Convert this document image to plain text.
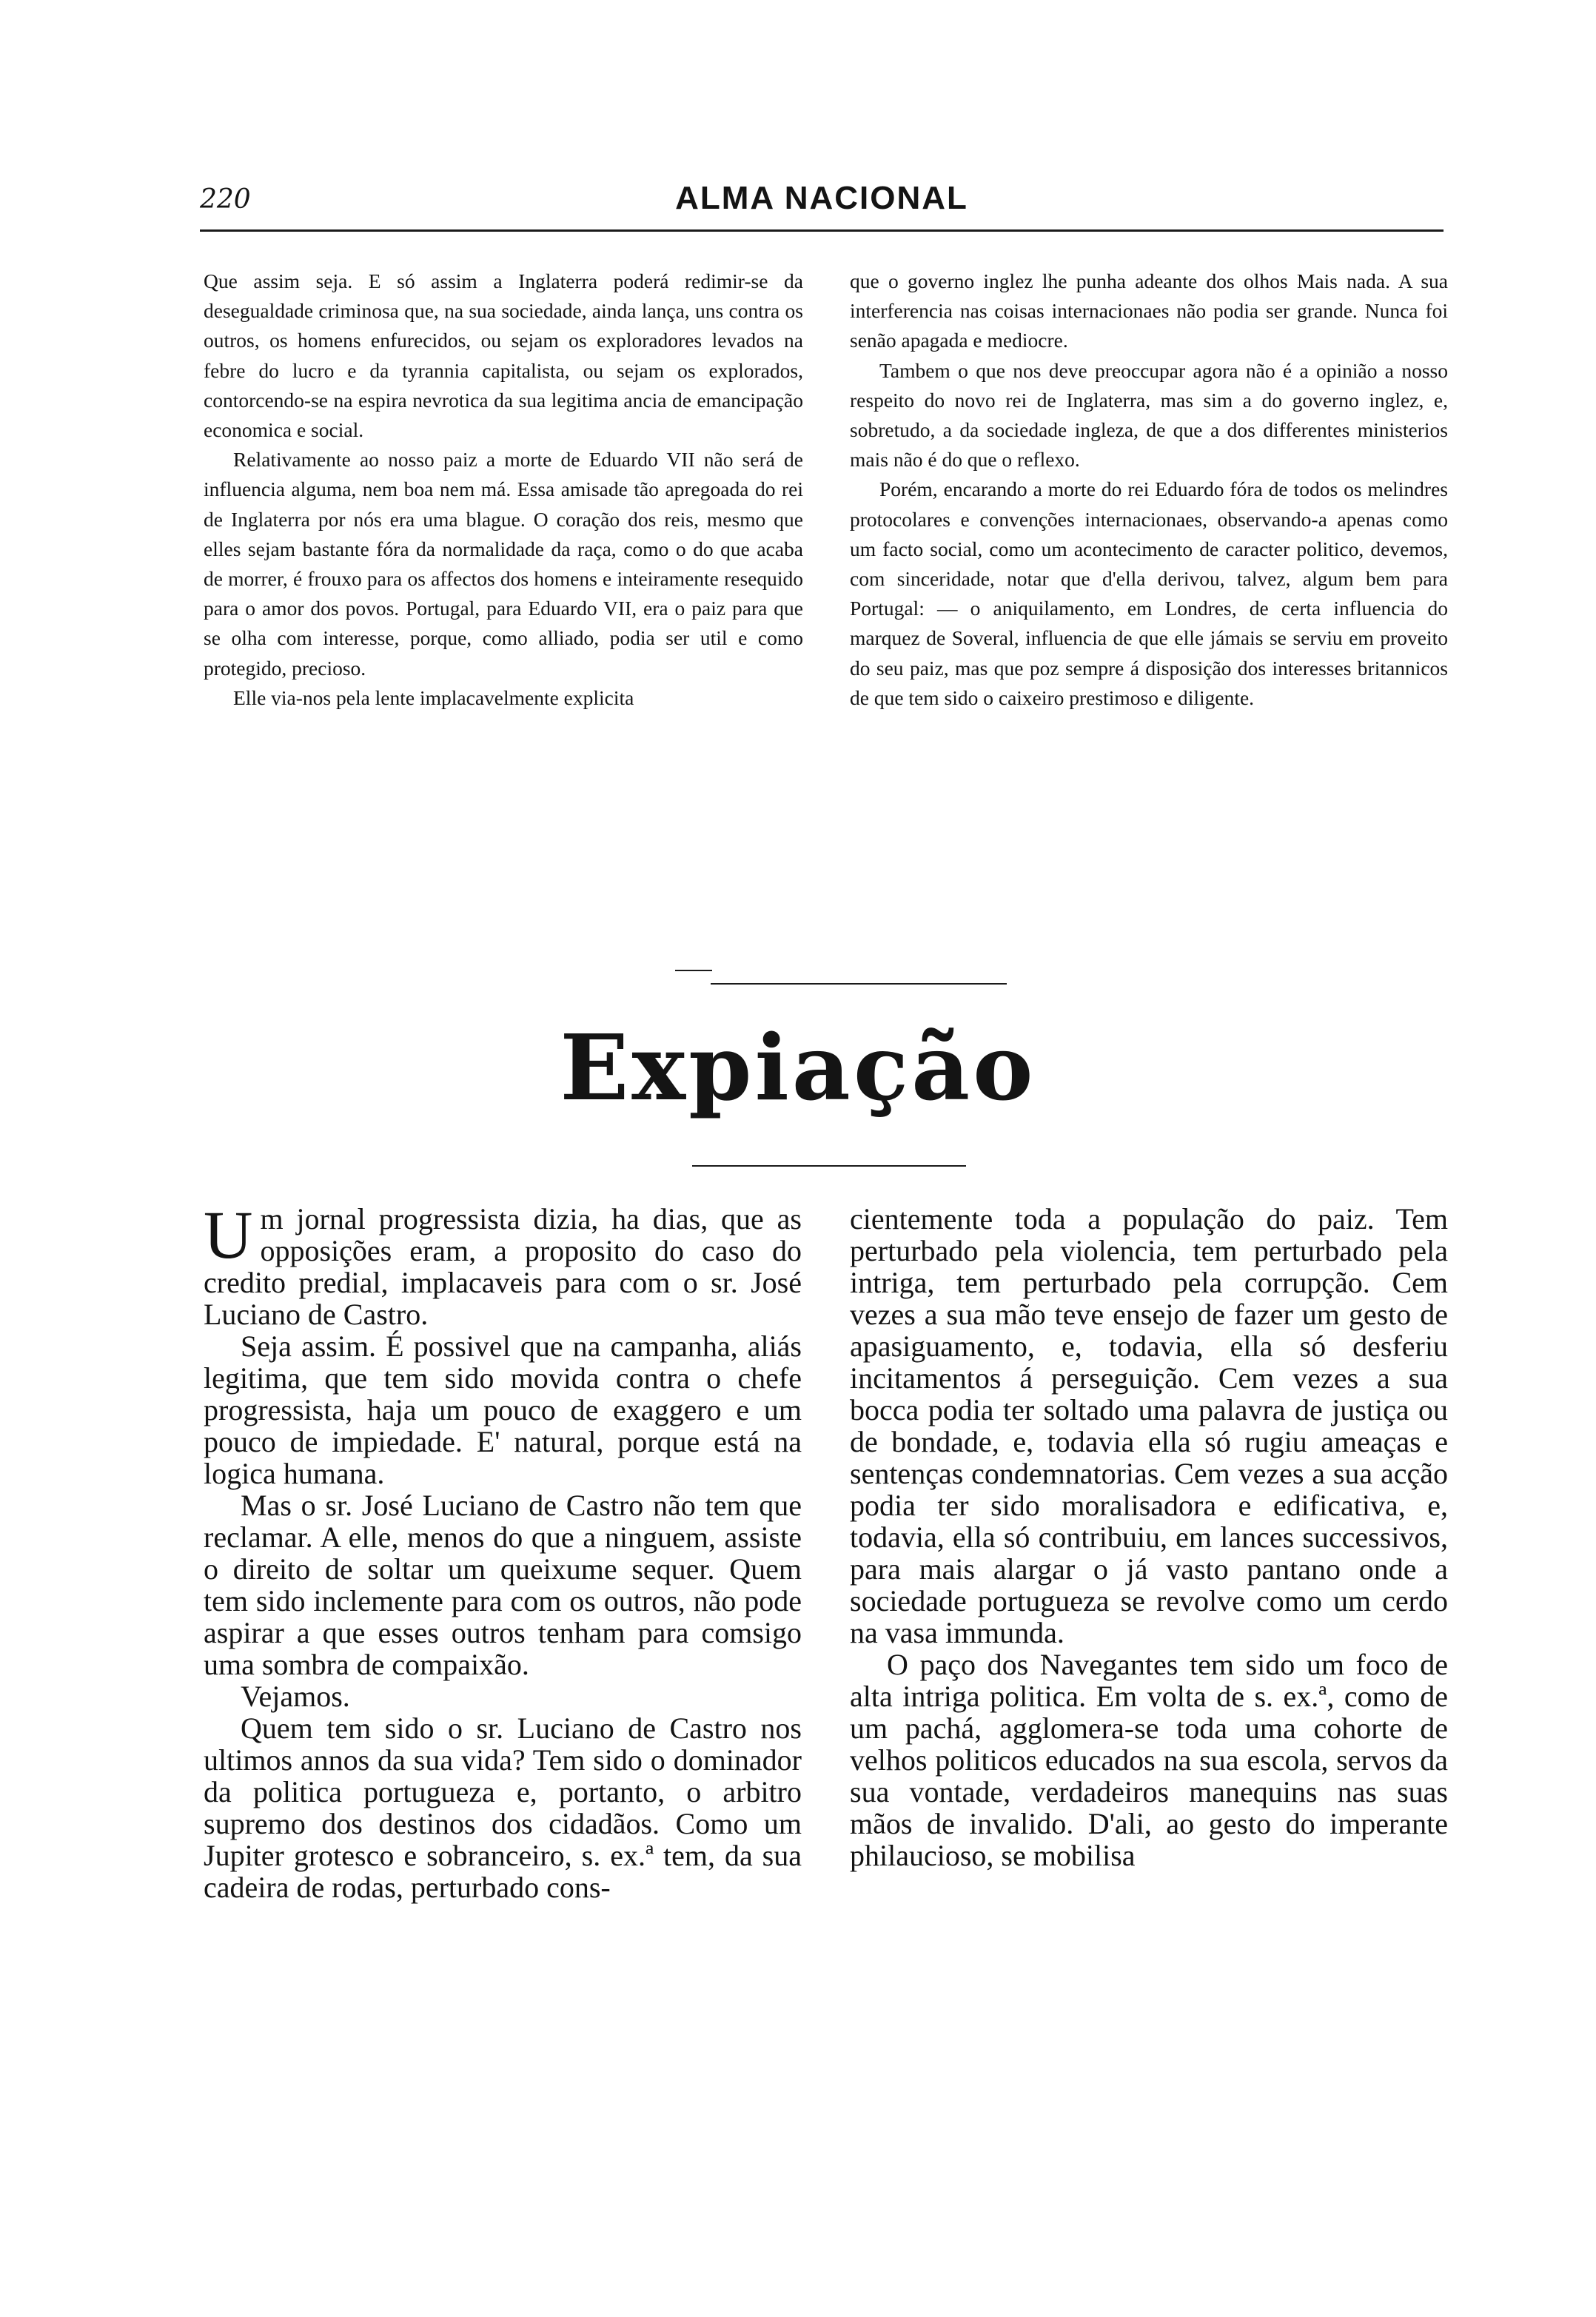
220	ALMA NACIONAL

Que assim seja. E só assim a Inglaterra poderá redimir-se da desegualdade criminosa que, na sua sociedade, ainda lança, uns contra os outros, os homens enfurecidos, ou sejam os exploradores levados na febre do lucro e da tyrannia capitalista, ou sejam os explorados, contorcendo-se na espira nevrotica da sua legitima ancia de emancipação economica e social.

Relativamente ao nosso paiz a morte de Eduardo VII não será de influencia alguma, nem boa nem má. Essa amisade tão apregoada do rei de Inglaterra por nós era uma blague. O coração dos reis, mesmo que elles sejam bastante fóra da normalidade da raça, como o do que acaba de morrer, é frouxo para os affectos dos homens e inteiramente resequido para o amor dos povos. Portugal, para Eduardo VII, era o paiz para que se olha com interesse, porque, como alliado, podia ser util e como protegido, precioso.

Elle via-nos pela lente implacavelmente explicita

que o governo inglez lhe punha adeante dos olhos Mais nada. A sua interferencia nas coisas internacionaes não podia ser grande. Nunca foi senão apagada e mediocre.

Tambem o que nos deve preoccupar agora não é a opinião a nosso respeito do novo rei de Inglaterra, mas sim a do governo inglez, e, sobretudo, a da sociedade ingleza, de que a dos differentes ministerios mais não é do que o reflexo.

Porém, encarando a morte do rei Eduardo fóra de todos os melindres protocolares e convenções internacionaes, observando-a apenas como um facto social, como um acontecimento de caracter politico, devemos, com sinceridade, notar que d'ella derivou, talvez, algum bem para Portugal: — o aniquilamento, em Londres, de certa influencia do marquez de Soveral, influencia de que elle jámais se serviu em proveito do seu paiz, mas que poz sempre á disposição dos interesses britannicos de que tem sido o caixeiro prestimoso e diligente.

Expiação

Um jornal progressista dizia, ha dias, que as opposições eram, a proposito do caso do credito predial, implacaveis para com o sr. José Luciano de Castro.

Seja assim. É possivel que na campanha, aliás legitima, que tem sido movida contra o chefe progressista, haja um pouco de exaggero e um pouco de impiedade. E' natural, porque está na logica humana.

Mas o sr. José Luciano de Castro não tem que reclamar. A elle, menos do que a ninguem, assiste o direito de soltar um queixume sequer. Quem tem sido inclemente para com os outros, não pode aspirar a que esses outros tenham para comsigo uma sombra de compaixão.

Vejamos.

Quem tem sido o sr. Luciano de Castro nos ultimos annos da sua vida? Tem sido o dominador da politica portugueza e, portanto, o arbitro supremo dos destinos dos cidadãos. Como um Jupiter grotesco e sobranceiro, s. ex.ª tem, da sua cadeira de rodas, perturbado cons-

cientemente toda a população do paiz. Tem perturbado pela violencia, tem perturbado pela intriga, tem perturbado pela corrupção. Cem vezes a sua mão teve ensejo de fazer um gesto de apasiguamento, e, todavia, ella só desferiu incitamentos á perseguição. Cem vezes a sua bocca podia ter soltado uma palavra de justiça ou de bondade, e, todavia ella só rugiu ameaças e sentenças condemnatorias. Cem vezes a sua acção podia ter sido moralisadora e edificativa, e, todavia, ella só contribuiu, em lances successivos, para mais alargar o já vasto pantano onde a sociedade portugueza se revolve como um cerdo na vasa immunda.

O paço dos Navegantes tem sido um foco de alta intriga politica. Em volta de s. ex.ª, como de um pachá, agglomera-se toda uma cohorte de velhos politicos educados na sua escola, servos da sua vontade, verdadeiros manequins nas suas mãos de invalido. D'ali, ao gesto do imperante philaucioso, se mobilisa
